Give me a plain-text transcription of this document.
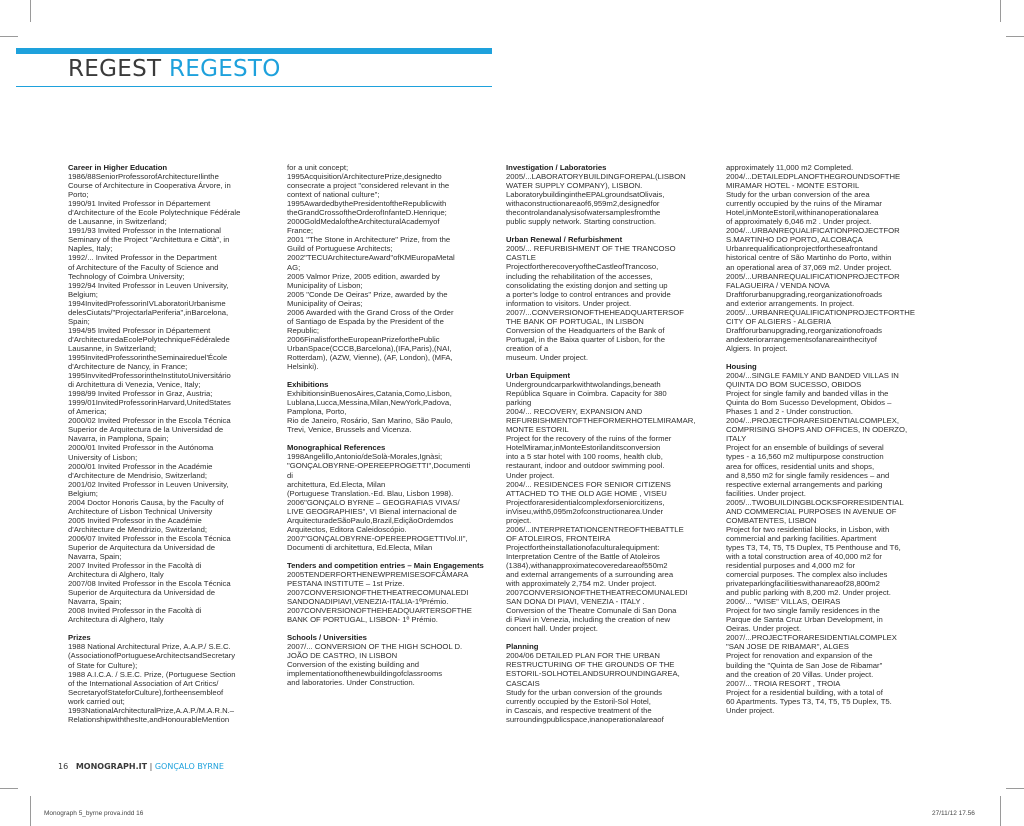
REGEST REGESTO
Career in Higher Education
1986/88SeniorProfessorofArchitectureIlinthe
Course of Architecture in Cooperativa Árvore, in
Porto;
1990/91 Invited Professor in Département
d'Architecture of the Ecole Polytechnique Fédérale
de Lausanne, in Switzerland;
1991/93 Invited Professor in the International
Seminary of the Project "Architettura e Città", in
Naples, Italy;
1992/... Invited Professor in the Department
of Architecture of the Faculty of Science and
Technology of Coimbra University;
1992/94 Invited Professor in Leuven University,
Belgium;
1994InvitedProfessorinIVLaboratoriUrbanisme
delesCiutats/"ProjectarlaPeriferia",inBarcelona,
Spain;
1994/95 Invited Professor in Département
d'ArchitecturedaEcolePolytechniqueFédéralede
Lausanne, in Switzerland;
1995InvitedProfessorintheSeminaireduel'École
d'Architecture de Nancy, in France;
1995InvvitedProfessorintheInstitutoUniversitário
di Architettura di Venezia, Venice, Italy;
1998/99 Invited Professor in Graz, Austria;
1999/01InvitedProfessorinHarvard,UnitedStates
of America;
2000/02 Invited Professor in the Escola Técnica
Superior de Arquitectura de la Universidad de
Navarra, in Pamplona, Spain;
2000/01 Invited Professor in the Autónoma
University of Lisbon;
2000/01 Invited Professor in the Académie
d'Architecture de Mendrisio, Switzerland;
2001/02 Invited Professor in Leuven University,
Belgium;
2004 Doctor Honoris Causa, by the Faculty of
Architecture of Lisbon Technical University
2005 Invited Professor in the Académie
d'Architecture de Mendrizio, Switzerland;
2006/07 Invited Professor in the Escola Técnica
Superior de Arquitectura da Universidad de
Navarra, Spain;
2007 Invited Professor in the Facoltà di
Architectura di Alghero, Italy
2007/08 Invited Professor in the Escola Técnica
Superior de Arquitectura da Universidad de
Navarra, Spain;
2008 Invited Professor in the Facoltà di
Architectura di Alghero, Italy
Prizes
1988 National Architectural Prize, A.A.P./ S.E.C.
(AssociationofPortugueseArchitectsandSecretary
of State for Culture);
1988 A.I.C.A. / S.E.C. Prize, (Portuguese Section
of the International Association of Art Critics/
SecretaryofStateforCulture),fortheensembleof
work carried out;
1993NationalArchitecturalPrize,A.A.P./M.A.R.N.–
RelationshipwiththesIte,andHonourableMention
for a unit concept;
1995Acquisition/ArchitecturePrize,designedto
consecrate a project "considered relevant in the
context of national culture";
1995AwardedbythePresidentoftheRepublicwith
theGrandCrossoftheOrderofInfanteD.Henrique;
2000GoldMedaloftheArchitecturalAcademyof
France;
2001 "The Stone in Architecture" Prize, from the
Guild of Portuguese Architects;
2002"TECUArchitectureAward"ofKMEuropaMetal
AG;
2005 Valmor Prize, 2005 edition, awarded by
Municipality of Lisbon;
2005 "Conde De Oeiras" Prize, awarded by the
Municipality of Oeiras;
2006 Awarded with the Grand Cross of the Order
of Santiago de Espada by the President of the
Republic;
2006FinalistfortheEuropeanPrizeforthePublic
UrbanSpace(CCCB,Barcelona),(IFA,Paris),(NAI,
Rotterdam), (AZW, Vienne), (AF, London), (MFA,
Helsinki).
Exhibitions
ExhibitionsinBuenosAires,Catania,Como,Lisbon,
Lublana,Lucca,Messina,Milan,NewYork,Padova,
Pamplona, Porto,
Rio de Janeiro, Rosário, San Marino, São Paulo,
Trevi, Venice, Brussels and Vicenza.
Monographical References
1998Angelillo,Antonio/deSolà-Morales,Ignàsi;
"GONÇALOBYRNE-OPEREEPROGETTI",Documenti
di
architettura, Ed.Electa, Milan
(Portuguese Translation.-Ed. Blau, Lisbon 1998).
2006"GONÇALO BYRNE – GEOGRAFIAS VIVAS/
LIVE GEOGRAPHIES", VI Bienal internacional de
ArquitecturadeSãoPaulo,Brazil,EdiçãoOrdemdos
Arquitectos, Editora Caleidoscópio.
2007"GONÇALOBYRNE-OPEREEPROGETTIVol.II",
Documenti di architettura, Ed.Electa, Milan
Tenders and competition entries – Main Engagements
2005TENDERFORTHENEWPREMISESOFCÂMARA
PESTANA INSTITUTE – 1st Prize.
2007CONVERSIONOFTHETHEATRECOMUNALEDI
SANDONADIPIAVI,VENEZIA-ITALIA-1ºPrémio.
2007CONVERSIONOFTHEHEADQUARTERSOFTHE
BANK OF PORTUGAL, LISBON- 1º Prémio.
Schools / Universities
2007/... CONVERSION OF THE HIGH SCHOOL D.
JOÃO DE CASTRO, IN LISBON
Conversion of the existing building and
implementationofthenewbuildingofclassrooms
and laboratories. Under Construction.
Investigation / Laboratories
2005/...LABORATORYBUILDINGFOREPAL(LISBON
WATER SUPPLY COMPANY), LISBON.
LaboratorybuildingintheEPALgroundsatOlivais,
withaconstructionareaof6,959m2,designedfor
thecontrolandanalysisofwatersamplesfromthe
public supply network. Starting construction.
Urban Renewal / Refurbishment
2005/... REFURBISHMENT OF THE TRANCOSO
CASTLE
ProjectfortherecoveryoftheCastleofTrancoso,
including the rehabilitation of the accesses,
consolidating the existing donjon and setting up
a porter's lodge to control entrances and provide
information to visitors. Under project.
2007/...CONVERSIONOFTHEHEADQUARTERSOF
THE BANK OF PORTUGAL, IN LISBON
Conversion of the Headquarters of the Bank of
Portugal, in the Baixa quarter of Lisbon, for the
creation of a
museum. Under project.
Urban Equipment
Undergroundcarparkwithtwolandings,beneath
República Square in Coimbra. Capacity for 380
parking
2004/... RECOVERY, EXPANSION AND
REFURBISHMENTOFTHEFORMERHOTELMIRAMAR,
MONTE ESTORIL
Project for the recovery of the ruins of the former
HotelMiramar,inMonteEstorilanditsconversion
into a 5 star hotel with 100 rooms, health club,
restaurant, indoor and outdoor swimming pool.
Under project.
2004/... RESIDENCES FOR SENIOR CITIZENS
ATTACHED TO THE OLD AGE HOME , VISEU
Projectforaresidentialcomplexforseniorcitizens,
inViseu,with5,095m2ofconstructionarea.Under
project.
2006/...INTERPRETATIONCENTREOFTHEBATTLE
OF ATOLEIROS, FRONTEIRA
Projectfortheinstallationofaculturalequipment:
Interpretation Centre of the Battle of Atoleiros
(1384),withanapproximatecoveredareaof550m2
and external arrangements of a surrounding area
with approximately 2,754 m2. Under project.
2007CONVERSIONOFTHETHEATRECOMUNALEDI
SAN DONA DI PIAVI, VENEZIA - ITALY .
Conversion of the Theatre Comunale di San Dona
di Piavi in Venezia, including the creation of new
concert hall. Under project.
Planning
2004/06 DETAILED PLAN FOR THE URBAN
RESTRUCTURING OF THE GROUNDS OF THE
ESTORIL-SOLHOTELANDSURROUNDINGAREA,
CASCAIS
Study for the urban conversion of the grounds
currently occupied by the Estoril-Sol Hotel,
in Cascais, and respective treatment of the
surroundingpublicspace,inanoperationalareaof
approximately 11,000 m2 Completed.
2004/...DETAILEDPLANOFTHEGROUNDSOFTHE
MIRAMAR HOTEL - MONTE ESTORIL
Study for the urban conversion of the area
currently occupied by the ruins of the Miramar
Hotel,inMonteEstoril,withinanoperationalarea
of approximately 6,046 m2 . Under project.
2004/...URBANREQUALIFICATIONPROJECTFOR
S.MARTINHO DO PORTO, ALCOBAÇA
Urbanrequalificationprojectfortheseafrontand
historical centre of São Martinho do Porto, within
an operational area of 37,069 m2. Under project.
2005/...URBANREQUALIFICATIONPROJECTFOR
FALAGUEIRA / VENDA NOVA
Draftforurbanupgrading,reorganizationofroads
and exterior arrangements. In project.
2005/...URBANREQUALIFICATIONPROJECTFORTHE
CITY OF ALGIERS - ALGERIA
Draftforurbanupgrading,reorganizationofroads
andexteriorarrangementsofanareainthecityof
Algiers. In project.
Housing
2004/...SINGLE FAMILY AND BANDED VILLAS IN
QUINTA DO BOM SUCESSO, OBIDOS
Project for single family and banded villas in the
Quinta do Bom Sucesso Development, Obidos –
Phases 1 and 2 - Under construction.
2004/...PROJECTFORARESIDENTIALCOMPLEX,
COMPRISING SHOPS AND OFFICES, IN ODERZO,
ITALY
Project for an ensemble of buildings of several
types - a 16,560 m2 multipurpose construction
area for offices, residential units and shops,
and 8,550 m2 for single family residences – and
respective external arrangements and parking
facilities. Under project.
2005/...TWOBUILDINGBLOCKSFORRESIDENTIAL
AND COMMERCIAL PURPOSES IN AVENUE OF
COMBATENTES, LISBON
Project for two residential blocks, in Lisbon, with
commercial and parking facilities. Apartment
types T3, T4, T5, T5 Duplex, T5 Penthouse and T6,
with a total construction area of 40,000 m2 for
residential purposes and 4,000 m2 for
comercial purposes. The complex also includes
privateparkingfacilitieswithanareaof28,800m2
and public parking with 8,200 m2. Under project.
2006/... "WISE" VILLAS, OEIRAS
Project for two single family residences in the
Parque de Santa Cruz Urban Development, in
Oeiras. Under project.
2007/...PROJECTFORARESIDENTIALCOMPLEX
"SAN JOSE DE RIBAMAR", ALGES
Project for renovation and expansion of the
building the "Quinta de San Jose de Ribamar"
and the creation of 20 Villas. Under project.
2007/... TROIA RESORT , TROIA
Project for a residential building, with a total of
60 Apartments. Types T3, T4, T5, T5 Duplex, T5.
Under project.
16 MONOGRAPH.IT | GONÇALO BYRNE
Monograph 5_byrne prova.indd 16	27/11/12 17.56
